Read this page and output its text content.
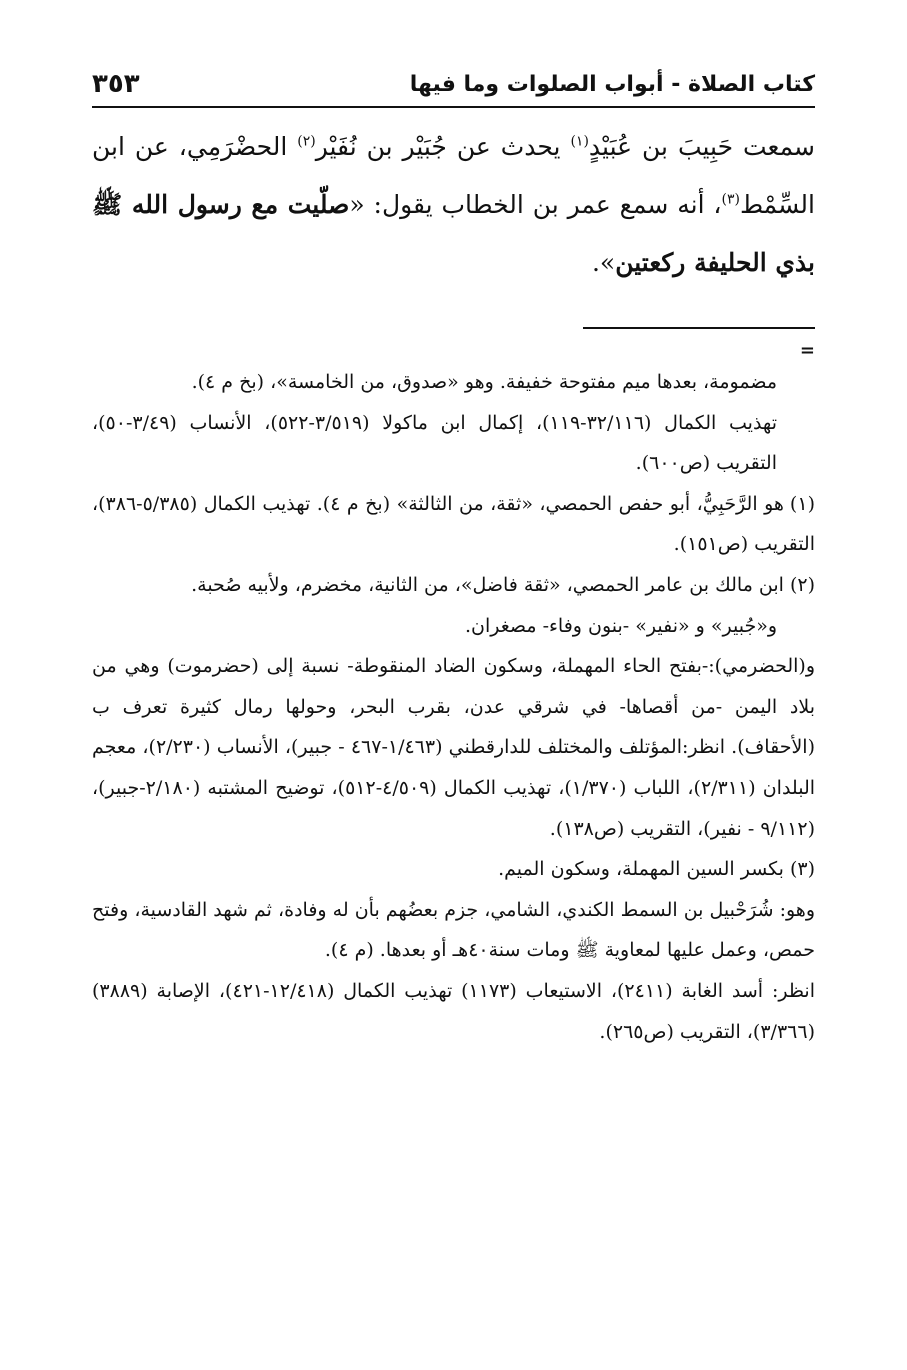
كتاب الصلاة - أبواب الصلوات وما فيها
٣٥٣

سمعت حَبِيبَ بن عُبَيْدٍ$^{(١)}$ يحدث عن جُبَيْر بن نُفَيْر$^{(٢)}$ الحضْرَمِي، عن ابن السِّمْط$^{(٣)}$، أنه سمع عمر بن الخطاب يقول: «صلّيت مع رسول الله ﷺ بذي الحليفة ركعتين».

=

مضمومة، بعدها ميم مفتوحة خفيفة. وهو «صدوق، من الخامسة»، (بخ م ٤).

تهذيب الكمال (٣٢/١١٦-١١٩)، إكمال ابن ماكولا (٣/٥١٩-٥٢٢)، الأنساب (٣/٤٩-٥٠)، التقريب (ص٦٠٠).

(١)هو الرَّحَبِيُّ، أبو حفص الحمصي، «ثقة، من الثالثة» (بخ م ٤). تهذيب الكمال (٥/٣٨٥-٣٨٦)، التقريب (ص١٥١).

(٢)ابن مالك بن عامر الحمصي، «ثقة فاضل»، من الثانية، مخضرم، ولأبيه صُحبة.

و«جُبير» و «نفير» -بنون وفاء- مصغران.

و(الحضرمي):-بفتح الحاء المهملة، وسكون الضاد المنقوطة- نسبة إلى (حضرموت) وهي من بلاد اليمن -من أقصاها- في شرقي عدن، بقرب البحر، وحولها رمال كثيرة تعرف ب (الأحقاف). انظر:المؤتلف والمختلف للدارقطني (١/٤٦٣-٤٦٧ - جبير)، الأنساب (٢/٢٣٠)، معجم البلدان (٢/٣١١)، اللباب (١/٣٧٠)، تهذيب الكمال (٤/٥٠٩-٥١٢)، توضيح المشتبه (٢/١٨٠-جبير)، (٩/١١٢ - نفير)، التقريب (ص١٣٨).

(٣)بكسر السين المهملة، وسكون الميم.

وهو: شُرَحْبيل بن السمط الكندي، الشامي، جزم بعضُهم بأن له وفادة، ثم شهد القادسية، وفتح حمص، وعمل عليها لمعاوية ﷺ ومات سنة٤٠هـ أو بعدها. (م ٤).

انظر: أسد الغابة (٢٤١١)، الاستيعاب (١١٧٣) تهذيب الكمال (١٢/٤١٨-٤٢١)، الإصابة (٣٨٨٩) (٣/٣٦٦)، التقريب (ص٢٦٥).
